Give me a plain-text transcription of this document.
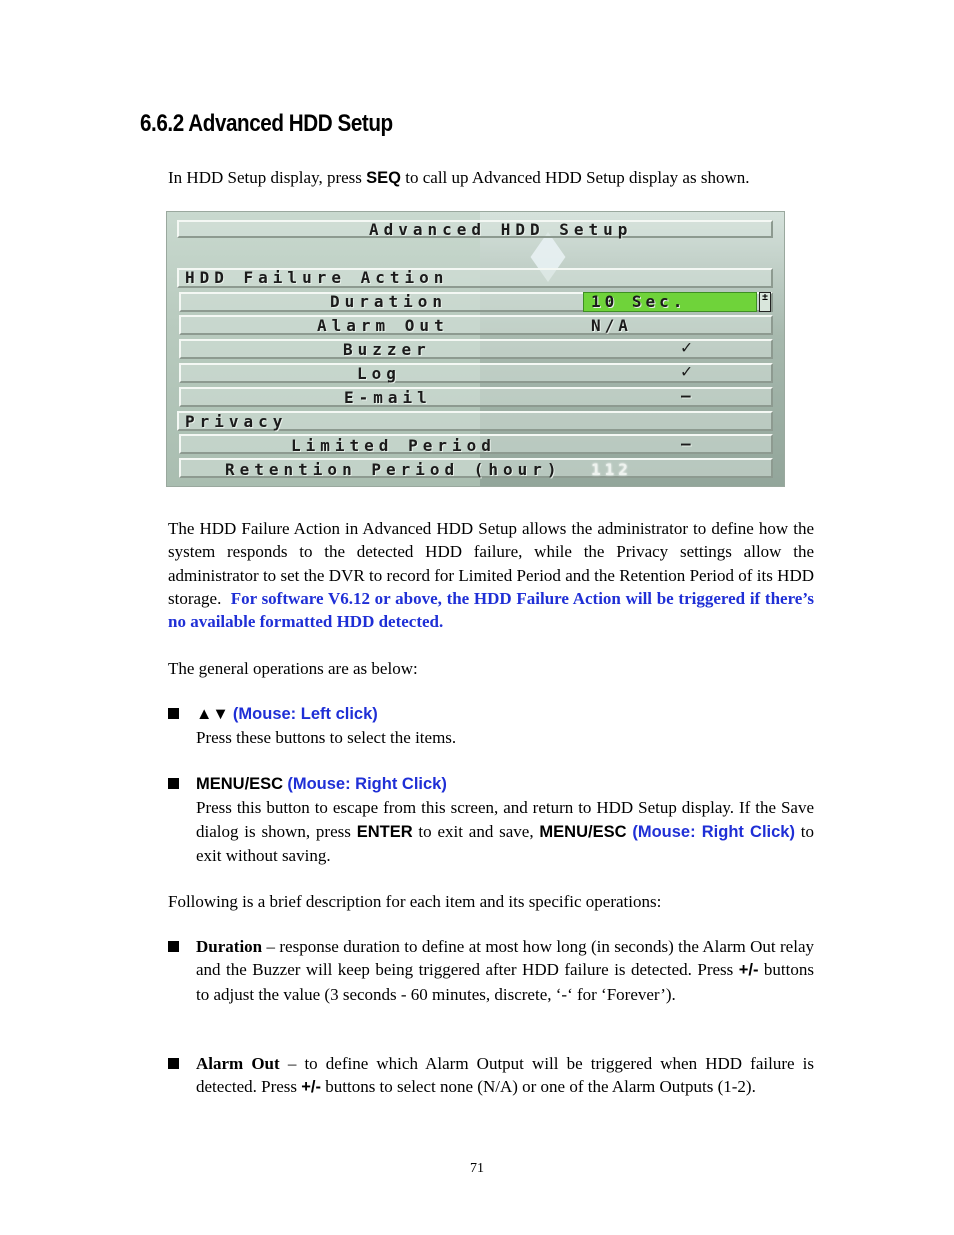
6.6.2 Advanced HDD Setup

In HDD Setup display, press SEQ to call up Advanced HDD Setup display as shown.

Advanced HDD Setup
HDD Failure Action
Duration	10 Sec.	±
Alarm Out	N/A
Buzzer	✓
Log	✓
E-mail	–
Privacy
Limited Period	–
Retention Period (hour) 112

The HDD Failure Action in Advanced HDD Setup allows the administrator to define how the system responds to the detected HDD failure, while the Privacy settings allow the administrator to set the DVR to record for Limited Period and the Retention Period of its HDD storage. For software V6.12 or above, the HDD Failure Action will be triggered if there’s no available formatted HDD detected.

The general operations are as below:

▲▼ (Mouse: Left click)
Press these buttons to select the items.
MENU/ESC (Mouse: Right Click)
Press this button to escape from this screen, and return to HDD Setup display. If the Save dialog is shown, press ENTER to exit and save, MENU/ESC (Mouse: Right Click) to exit without saving.

Following is a brief description for each item and its specific operations:

Duration – response duration to define at most how long (in seconds) the Alarm Out relay and the Buzzer will keep being triggered after HDD failure is detected. Press +/- buttons to adjust the value (3 seconds - 60 minutes, discrete, ‘-‘ for ‘Forever’).
Alarm Out – to define which Alarm Output will be triggered when HDD failure is detected. Press +/- buttons to select none (N/A) or one of the Alarm Outputs (1-2).
71
